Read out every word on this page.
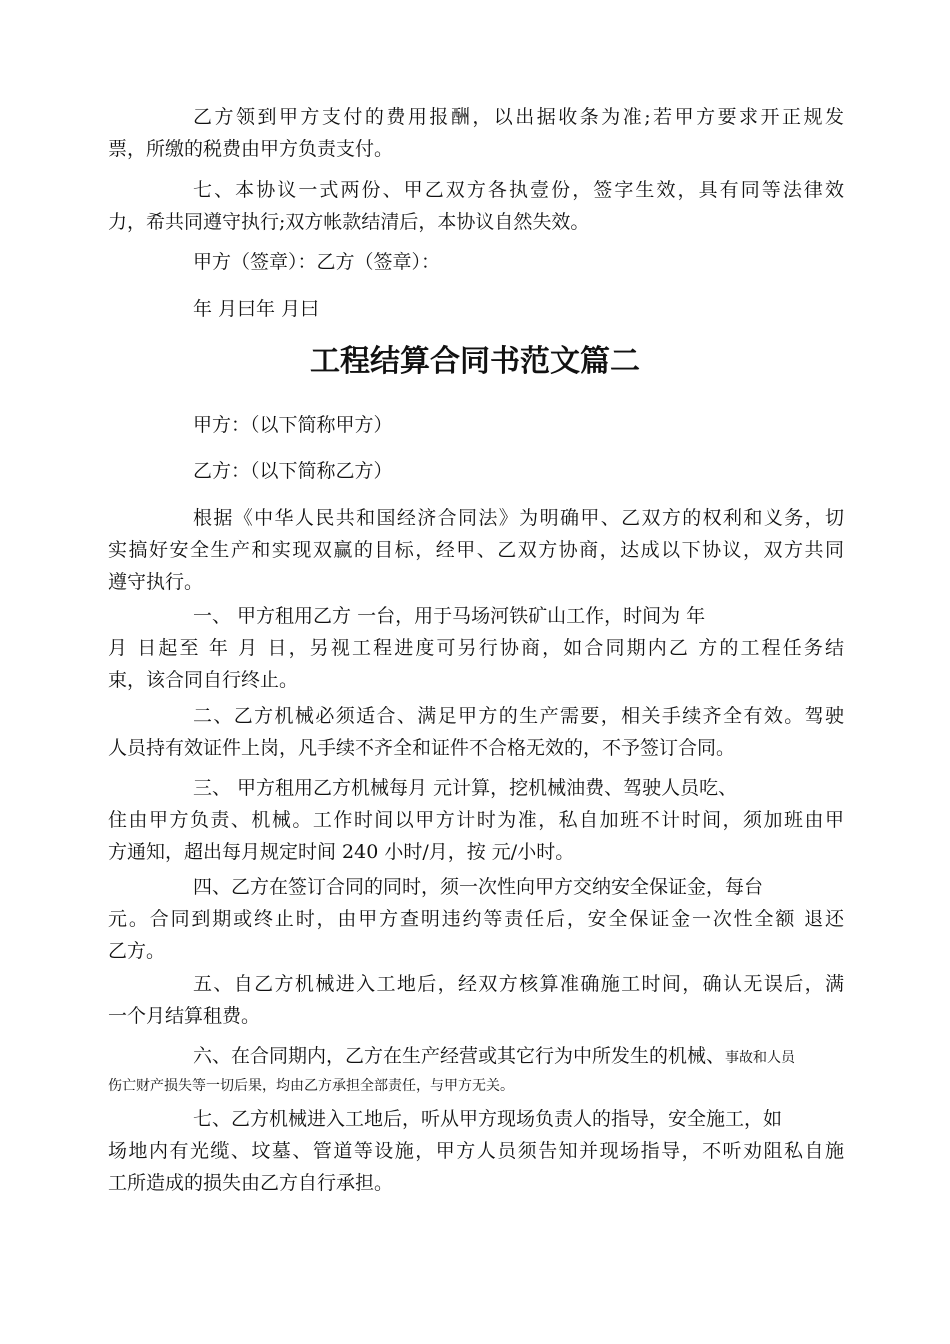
乙方领到甲方支付的费用报酬，以出据收条为准;若甲方要求开正规发
票，所缴的税费由甲方负责支付。
七、本协议一式两份、甲乙双方各执壹份，签字生效，具有同等法律效
力，希共同遵守执行;双方帐款结清后，本协议自然失效。
甲方（签章）：乙方（签章）：
年 月曰年 月曰
工程结算合同书范文篇二
甲方：（以下简称甲方）
乙方：（以下简称乙方）
根据《中华人民共和国经济合同法》为明确甲、乙双方的权利和义务，切
实搞好安全生产和实现双赢的目标，经甲、乙双方协商，达成以下协议，双方共同
遵守执行。
一、 甲方租用乙方 一台，用于马场河铁矿山工作，时间为 年
月 日起至 年 月 日，另视工程进度可另行协商，如合同期内乙 方的工程任务结
束，该合同自行终止。
二、乙方机械必须适合、满足甲方的生产需要，相关手续齐全有效。驾驶
人员持有效证件上岗，凡手续不齐全和证件不合格无效的，不予签订合同。
三、 甲方租用乙方机械每月 元计算，挖机械油费、驾驶人员吃、
住由甲方负责、机械。工作时间以甲方计时为准，私自加班不计时间，须加班由甲
方通知，超出每月规定时间 240 小时/月，按 元/小时。
四、乙方在签订合同的同时，须一次性向甲方交纳安全保证金，每台
元。合同到期或终止时，由甲方查明违约等责任后，安全保证金一次性全额 退还
乙方。
五、自乙方机械进入工地后，经双方核算准确施工时间，确认无误后，满
一个月结算租费。
六、在合同期内，乙方在生产经营或其它行为中所发生的机械、事故和人员
伤亡财产损失等一切后果，均由乙方承担全部责任，与甲方无关。
七、乙方机械进入工地后，听从甲方现场负责人的指导，安全施工，如
场地内有光缆、坟墓、管道等设施，甲方人员须告知并现场指导，不听劝阻私自施
工所造成的损失由乙方自行承担。
